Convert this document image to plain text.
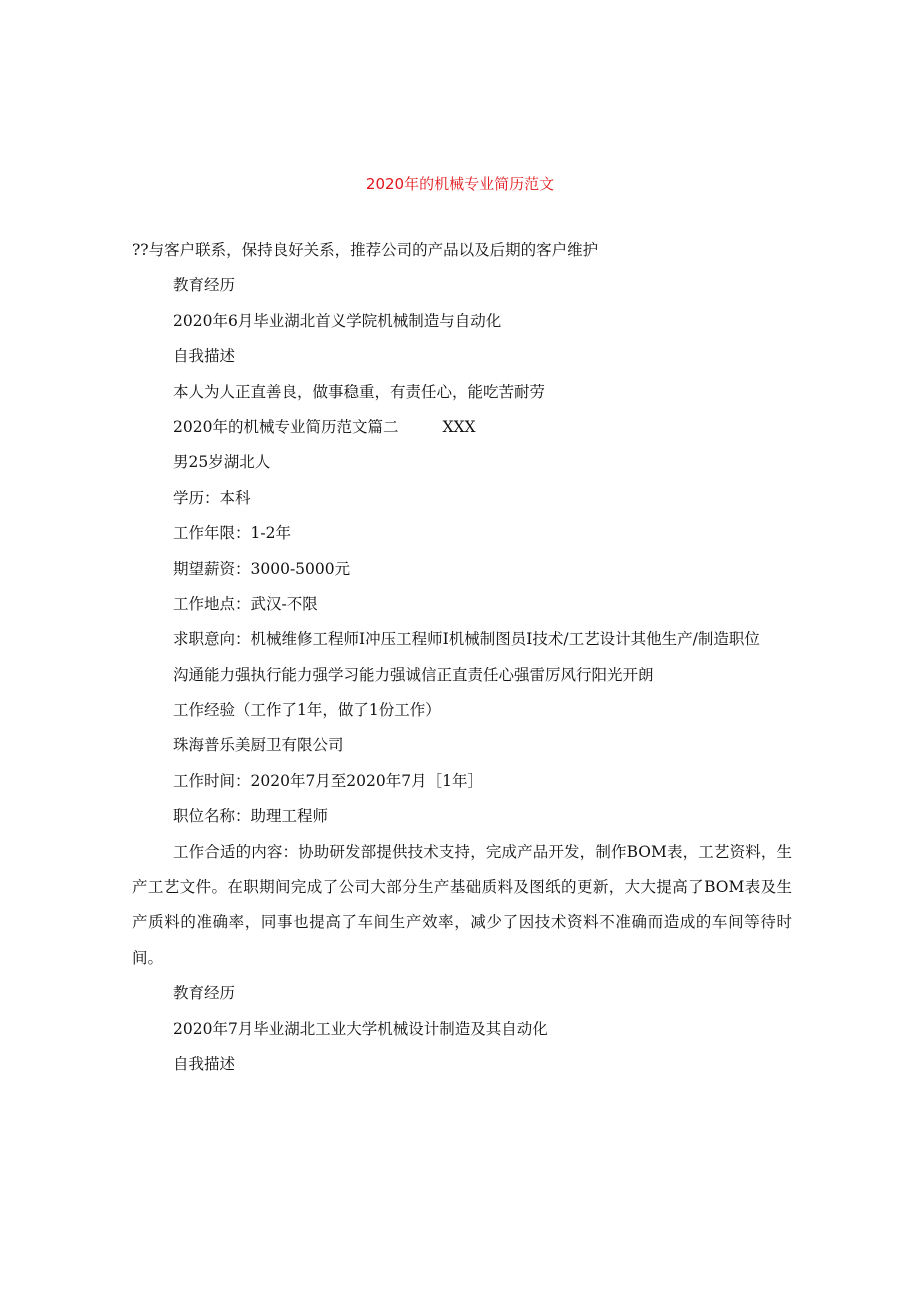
2020年的机械专业简历范文
??与客户联系，保持良好关系，推荐公司的产品以及后期的客户维护
教育经历
2020年6月毕业湖北首义学院机械制造与自动化
自我描述
本人为人正直善良，做事稳重，有责任心，能吃苦耐劳
2020年的机械专业简历范文篇二	XXX
男25岁湖北人
学历：本科
工作年限：1-2年
期望薪资：3000-5000元
工作地点：武汉-不限
求职意向：机械维修工程师I冲压工程师I机械制图员I技术/工艺设计其他生产/制造职位
沟通能力强执行能力强学习能力强诚信正直责任心强雷厉风行阳光开朗
工作经验（工作了1年，做了1份工作）
珠海普乐美厨卫有限公司
工作时间：2020年7月至2020年7月［1年］
职位名称：助理工程师
工作合适的内容：协助研发部提供技术支持，完成产品开发，制作BOM表，工艺资料，生产工艺文件。在职期间完成了公司大部分生产基础质料及图纸的更新，大大提高了BOM表及生产质料的准确率，同事也提高了车间生产效率，减少了因技术资料不准确而造成的车间等待时间。
教育经历
2020年7月毕业湖北工业大学机械设计制造及其自动化
自我描述
